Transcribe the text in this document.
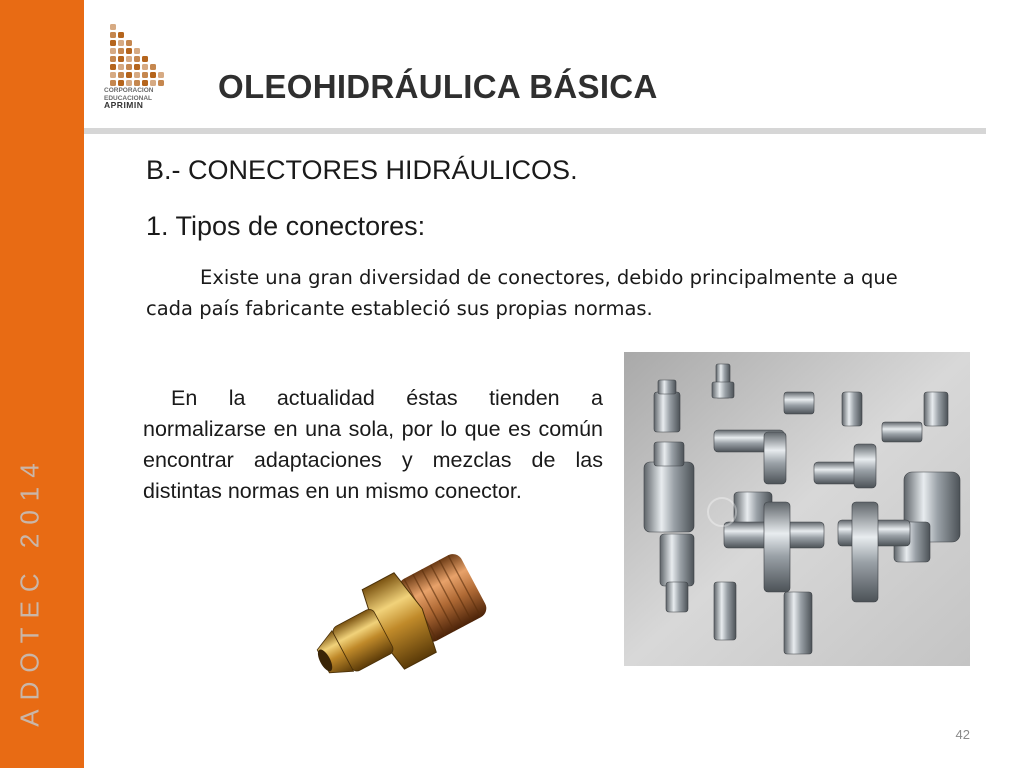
ADOTEC 2014
CORPORACION
EDUCACIONAL
APRIMIN	OLEOHIDRÁULICA BÁSICA
B.- CONECTORES HIDRÁULICOS.
1. Tipos de conectores:

Existe una gran diversidad de conectores, debido principalmente a que cada país fabricante estableció sus propias normas.

En la actualidad éstas tienden a normalizarse en una sola, por lo que es común encontrar adaptaciones y mezclas de las distintas normas en un mismo conector.

42
